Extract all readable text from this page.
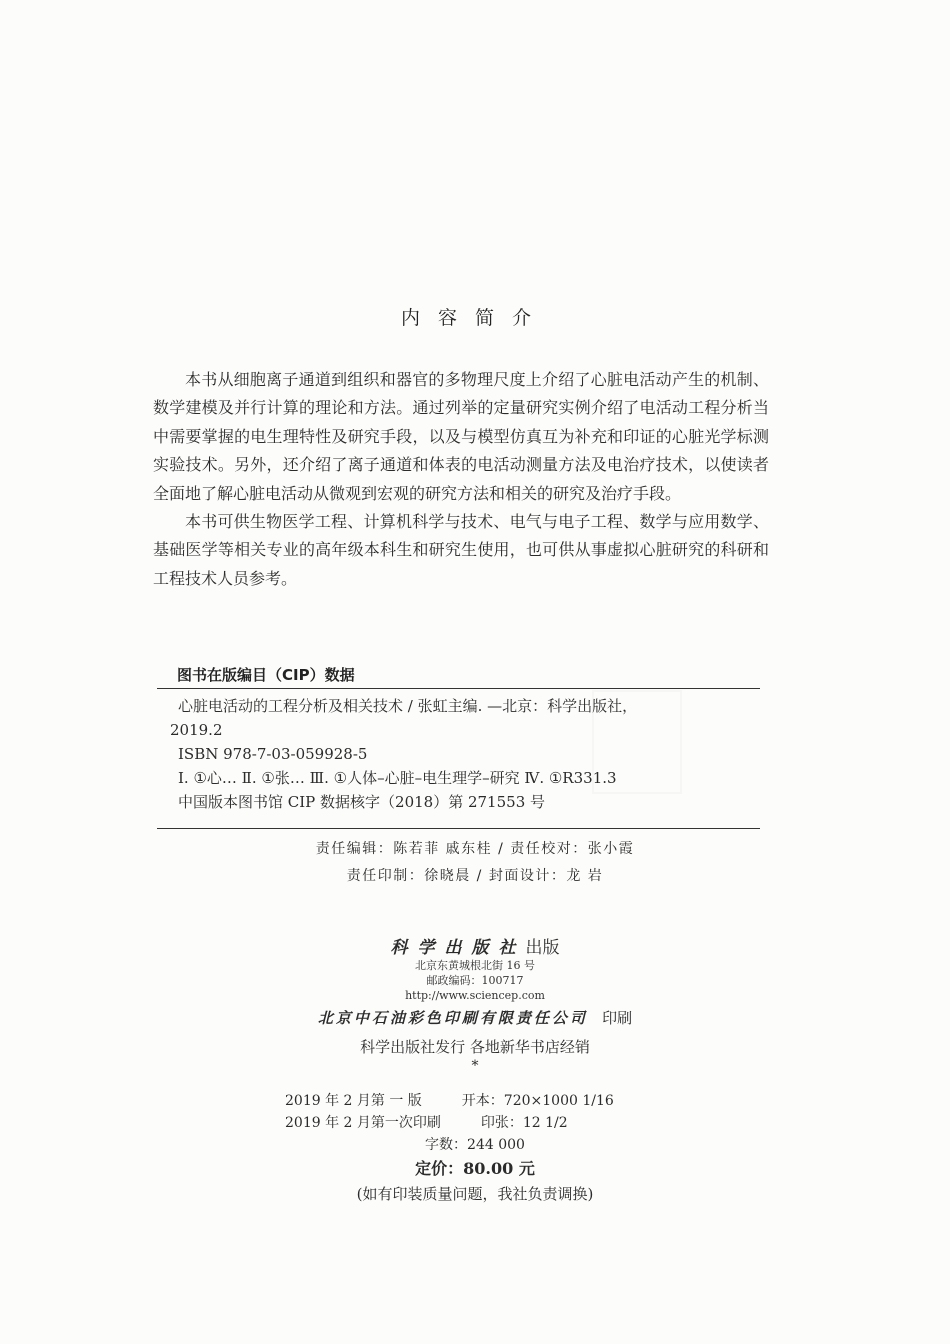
内容简介

本书从细胞离子通道到组织和器官的多物理尺度上介绍了心脏电活动产生的机制、数学建模及并行计算的理论和方法。通过列举的定量研究实例介绍了电活动工程分析当中需要掌握的电生理特性及研究手段，以及与模型仿真互为补充和印证的心脏光学标测实验技术。另外，还介绍了离子通道和体表的电活动测量方法及电治疗技术，以使读者全面地了解心脏电活动从微观到宏观的研究方法和相关的研究及治疗手段。

本书可供生物医学工程、计算机科学与技术、电气与电子工程、数学与应用数学、基础医学等相关专业的高年级本科生和研究生使用，也可供从事虚拟心脏研究的科研和工程技术人员参考。

图书在版编目（CIP）数据
心脏电活动的工程分析及相关技术 / 张虹主编. —北京：科学出版社，
2019.2
ISBN 978-7-03-059928-5
Ⅰ. ①心… Ⅱ. ①张… Ⅲ. ①人体–心脏–电生理学–研究 Ⅳ. ①R331.3
中国版本图书馆 CIP 数据核字（2018）第 271553 号
责任编辑：陈若菲 戚东桂 / 责任校对：张小霞
责任印制：徐晓晨 / 封面设计：龙 岩
科学出版社出版
北京东黄城根北街 16 号
邮政编码：100717
http://www.sciencep.com
北京中石油彩色印刷有限责任公司 印刷
科学出版社发行 各地新华书店经销
*
2019 年 2 月第 一 版	开本：720×1000 1/16
2019 年 2 月第一次印刷	印张：12 1/2
字数：244 000
定价：80.00 元
(如有印装质量问题，我社负责调换)
